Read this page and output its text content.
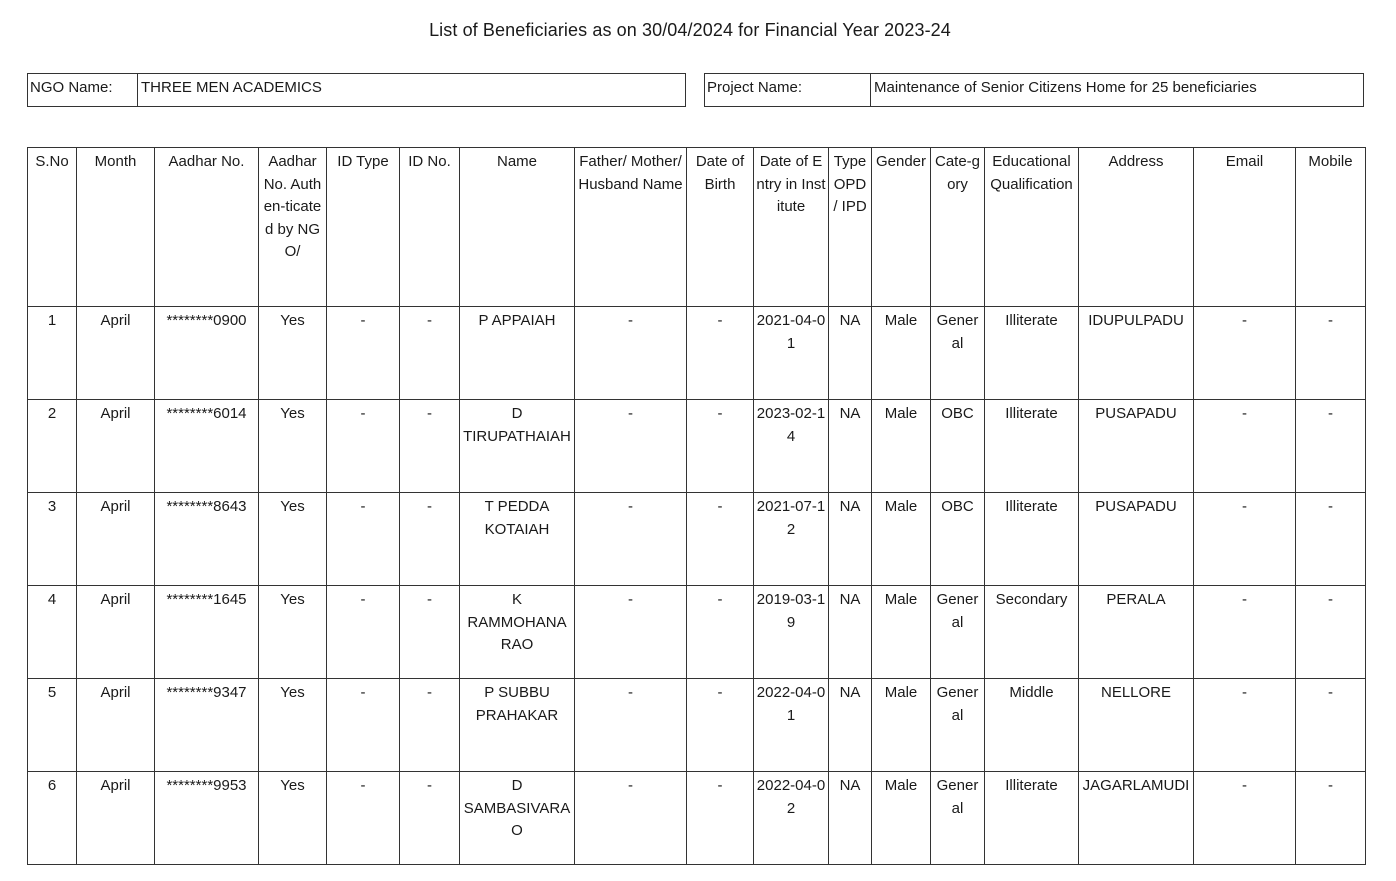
List of Beneficiaries as on 30/04/2024 for Financial Year 2023-24
NGO Name:	THREE MEN ACADEMICS	Project Name:	Maintenance of Senior Citizens Home for 25 beneficiaries
S.No	Month	Aadhar No.	Aadhar No. Authen-ticated by NGO/	ID Type	ID No.	Name	Father/ Mother/ Husband Name	Date of Birth	Date of Entry in Institute	Type OPD / IPD	Gender	Cate-gory	Educational Qualification	Address	Email	Mobile
1	April	********0900	Yes	-	-	P APPAIAH	-	-	2021-04-01	NA	Male	General	Illiterate	IDUPULPADU	-	-
2	April	********6014	Yes	-	-	D TIRUPATHAIAH	-	-	2023-02-14	NA	Male	OBC	Illiterate	PUSAPADU	-	-
3	April	********8643	Yes	-	-	T PEDDA KOTAIAH	-	-	2021-07-12	NA	Male	OBC	Illiterate	PUSAPADU	-	-
4	April	********1645	Yes	-	-	K RAMMOHANA RAO	-	-	2019-03-19	NA	Male	General	Secondary	PERALA	-	-
5	April	********9347	Yes	-	-	P SUBBU PRAHAKAR	-	-	2022-04-01	NA	Male	General	Middle	NELLORE	-	-
6	April	********9953	Yes	-	-	D SAMBASIVARAO	-	-	2022-04-02	NA	Male	General	Illiterate	JAGARLAMUDI	-	-
